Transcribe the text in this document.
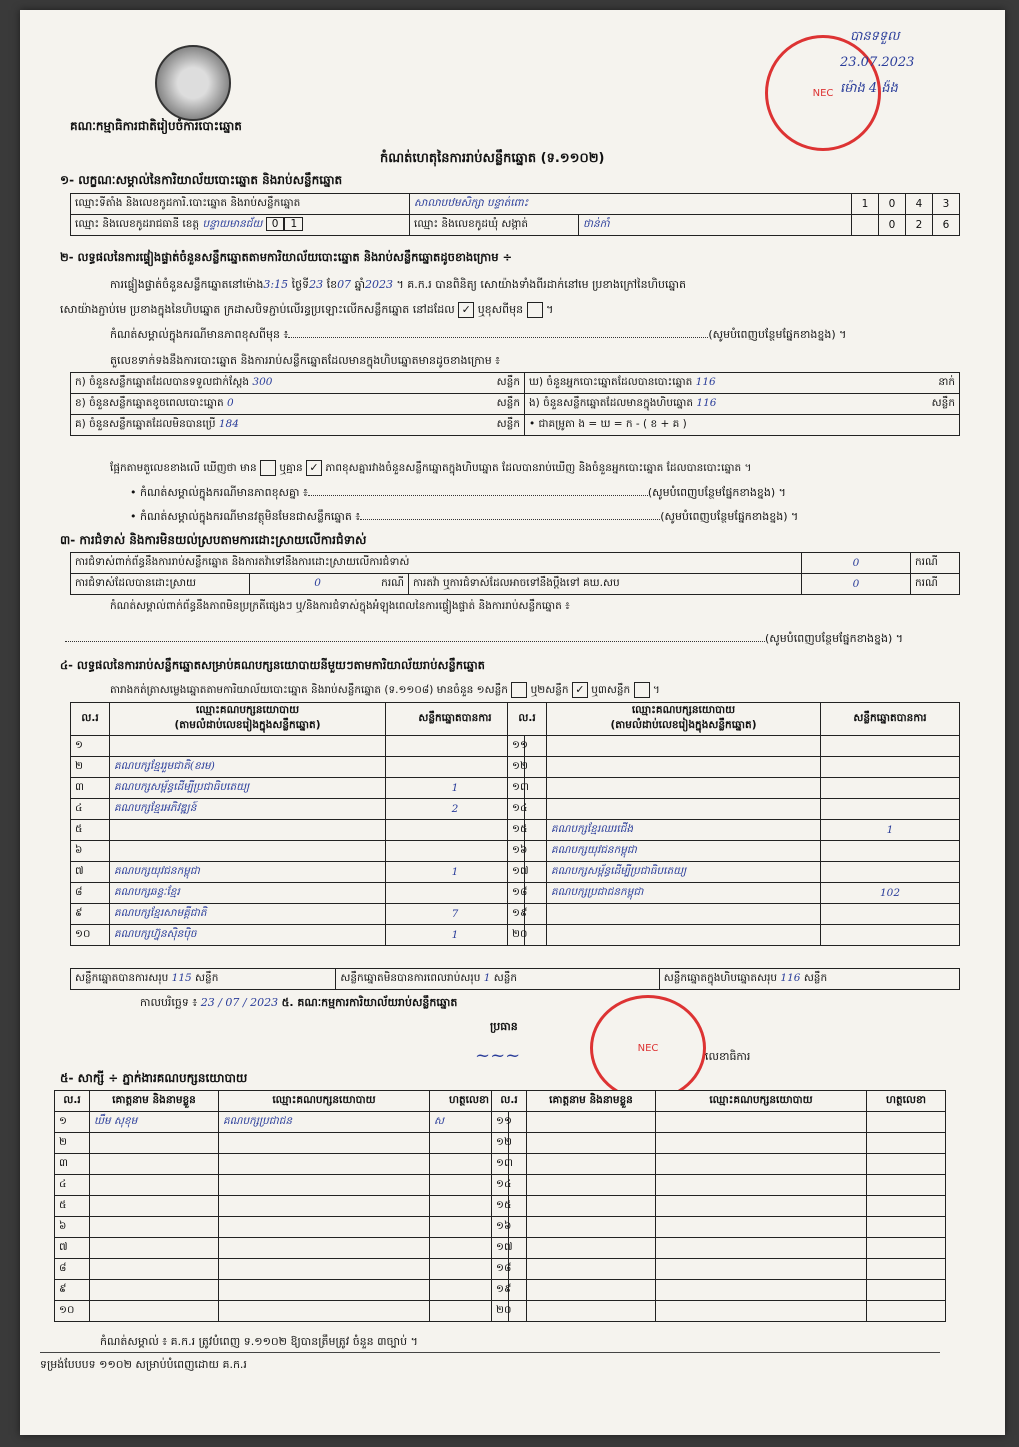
គណៈកម្មាធិការជាតិរៀបចំការបោះឆ្នោត
NEC
បានទទួល
23.07.2023
ម៉ោង 4 ង៉ង
កំណត់ហេតុនៃការរាប់សន្លឹកឆ្នោត (ទ.១១០២)
១- លក្ខណៈសម្គាល់នៃការិយាល័យបោះឆ្នោត និងរាប់សន្លឹកឆ្នោត
ឈ្មោះទីតាំង និងលេខកូដការិ.បោះឆ្នោត និងរាប់សន្លឹកឆ្នោត	សាលាបឋមសិក្សា បន្ទាត់ពោះ		1	0	4	3
ឈ្មោះ និងលេខកូដរាជធានី ខេត្ត បន្ទាយមានជ័យ 0 1	ឈ្មោះ និងលេខកូដឃុំ សង្កាត់	ថាន់កាំ		0	2	6
២- លទ្ធផលនៃការផ្ទៀងផ្ទាត់ចំនួនសន្លឹកឆ្នោតតាមការិយាល័យបោះឆ្នោត និងរាប់សន្លឹកឆ្នោតដូចខាងក្រោម ÷
ការផ្ទៀងផ្ទាត់ចំនួនសន្លឹកឆ្នោតនៅម៉ោង3:15 ថ្ងៃទី23 ខែ07 ឆ្នាំ2023 ។ គ.ក.រ បានពិនិត្យ សោយ៉ាងទាំងពីរដាក់នៅមេ ប្រខាងក្រៅនៃហិបឆ្នោត
សោយ៉ាងភ្ជាប់មេ ប្រខាងក្នុងនៃហិបឆ្នោត ក្រដាសបិទភ្ជាប់លើរន្ធប្រឡោះលើកសន្លឹកឆ្នោត នៅដដែល ✓ ឬខុសពីមុន  ។
កំណត់សម្គាល់ក្នុងករណីមានភាពខុសពីមុន ៖	(សូមបំពេញបន្ថែមផ្នែកខាងខ្នង) ។
តួលេខទាក់ទងនឹងការបោះឆ្នោត និងការរាប់សន្លឹកឆ្នោតដែលមានក្នុងហិបឆ្នោតមានដូចខាងក្រោម ៖
ក) ចំនួនសន្លឹកឆ្នោតដែលបានទទួលជាក់ស្តែង 300 សន្លឹក	ឃ) ចំនួនអ្នកបោះឆ្នោតដែលបានបោះឆ្នោត 116 នាក់

ខ) ចំនួនសន្លឹកឆ្នោតខូចពេលបោះឆ្នោត 0 សន្លឹក	ង) ចំនួនសន្លឹកឆ្នោតដែលមានក្នុងហិបឆ្នោត 116 សន្លឹក

គ) ចំនួនសន្លឹកឆ្នោតដែលមិនបានប្រើ 184 សន្លឹក	• ជាគម្រូតា ង = ឃ = ក - ( ខ + គ )
ផ្អែកតាមតួលេខខាងលើ ឃើញថា មាន ឬគ្មាន ✓ ភាពខុសគ្នារវាងចំនួនសន្លឹកឆ្នោតក្នុងហិបឆ្នោត ដែលបានរាប់ឃើញ និងចំនួនអ្នកបោះឆ្នោត ដែលបានបោះឆ្នោត ។
• កំណត់សម្គាល់ក្នុងករណីមានភាពខុសគ្នា ៖	(សូមបំពេញបន្ថែមផ្នែកខាងខ្នង) ។
• កំណត់សម្គាល់ក្នុងករណីមានវត្ថុមិនមែនជាសន្លឹកឆ្នោត ៖	(សូមបំពេញបន្ថែមផ្នែកខាងខ្នង) ។
៣- ការជំទាស់ និងការមិនយល់ស្របតាមការដោះស្រាយលើការជំទាស់
ការជំទាស់ពាក់ព័ន្ធនឹងការរាប់សន្លឹកឆ្នោត និងការតវ៉ាទៅនឹងការដោះស្រាយលើការជំទាស់			0	ករណី
ការជំទាស់ដែលបានដោះស្រាយ	0 ករណី	ការតវ៉ា ឬការជំទាស់ដែលអាចទៅនឹងប្តឹងទៅ គឃ.សប	0	ករណី
កំណត់សម្គាល់ពាក់ព័ន្ធនឹងភាពមិនប្រក្រតីផ្សេងៗ ឬ/និងការជំទាស់ក្នុងអំឡុងពេលនៃការផ្ទៀងផ្ទាត់ និងការរាប់សន្លឹកឆ្នោត ៖
(សូមបំពេញបន្ថែមផ្នែកខាងខ្នង) ។
៤- លទ្ធផលនៃការរាប់សន្លឹកឆ្នោតសម្រាប់គណបក្សនយោបាយនីមួយៗតាមការិយាល័យរាប់សន្លឹកឆ្នោត
តារាងកត់ត្រាសម្លេងឆ្នោតតាមការិយាល័យបោះឆ្នោត និងរាប់សន្លឹកឆ្នោត (ទ.១១០៨) មានចំនួន ១សន្លឹក ឬ២សន្លឹក ✓ ឬ៣សន្លឹក  ។
ល.រ	ឈ្មោះគណបក្សនយោបាយ
(តាមលំដាប់លេខរៀងក្នុងសន្លឹកឆ្នោត)	សន្លឹកឆ្នោតបានការ
១		
២	គណបក្សខ្មែររួមជាតិ(ខរម)	
៣	គណបក្សសម្ព័ន្ធដើម្បីប្រជាធិបតេយ្យ	1
៤	គណបក្សខ្មែរអភិវឌ្ឍន៍	2
៥		
៦		
៧	គណបក្សយុវជនកម្ពុជា	1
៨	គណបក្សឆន្ទៈខ្មែរ	
៩	គណបក្សខ្មែរសាមគ្គីជាតិ	7
១០	គណបក្សហ្វ៊ុនស៊ិនប៉ិច	1
ល.រ	ឈ្មោះគណបក្សនយោបាយ
(តាមលំដាប់លេខរៀងក្នុងសន្លឹកឆ្នោត)	សន្លឹកឆ្នោតបានការ
១១		
១២		
១៣		
១៤		
១៥	គណបក្សខ្មែរឈរជើង	1
១៦	គណបក្សយុវជនកម្ពុជា	
១៧	គណបក្សសម្ព័ន្ធដើម្បីប្រជាធិបតេយ្យ	
១៨	គណបក្សប្រជាជនកម្ពុជា	102
១៩		
២០		
សន្លឹកឆ្នោតបានការសរុប 115 សន្លឹក	សន្លឹកឆ្នោតមិនបានការពេលរាប់សរុប 1 សន្លឹក	សន្លឹកឆ្នោតក្នុងហិបឆ្នោតសរុប 116 សន្លឹក
កាលបរិច្ឆេទ ៖ 23 / 07 / 2023 ៥. គណៈកម្មការការិយាល័យរាប់សន្លឹកឆ្នោត
NEC
ប្រធាន
~~~	លេខាធិការ
៥- សាក្សី ÷ ភ្នាក់ងារគណបក្សនយោបាយ
ល.រ	គោត្តនាម និងនាមខ្លួន	ឈ្មោះគណបក្សនយោបាយ	ហត្ថលេខា
១	ឃឹម សុខុម	គណបក្សប្រជាជន	ស
២			
៣			
៤			
៥			
៦			
៧			
៨			
៩			
១០			
ល.រ	គោត្តនាម និងនាមខ្លួន	ឈ្មោះគណបក្សនយោបាយ	ហត្ថលេខា
១១			
១២			
១៣			
១៤			
១៥			
១៦			
១៧			
១៨			
១៩			
២០			
កំណត់សម្គាល់ ៖ គ.ក.រ ត្រូវបំពេញ ទ.១១០២ ឱ្យបានត្រឹមត្រូវ ចំនួន ៣ច្បាប់ ។
ទម្រង់បែបបទ ១១០២ សម្រាប់បំពេញដោយ គ.ក.រ
